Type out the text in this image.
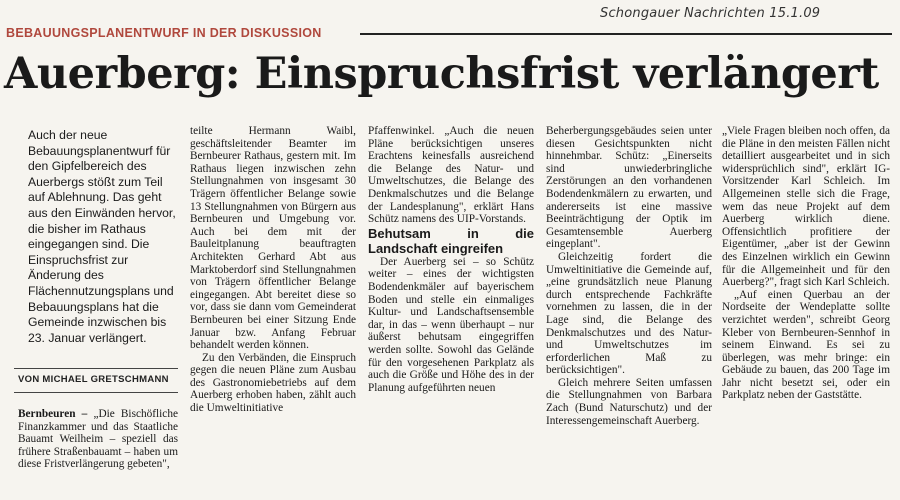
Schongauer Nachrichten 15.1.09
BEBAUUNGSPLANENTWURF IN DER DISKUSSION
Auerberg: Einspruchsfrist verlängert
Auch der neue Bebauungsplanentwurf für den Gipfelbereich des Auerbergs stößt zum Teil auf Ablehnung. Das geht aus den Einwänden hervor, die bisher im Rathaus eingegangen sind. Die Einspruchsfrist zur Änderung des Flächennutzungsplans und Bebauungsplans hat die Gemeinde inzwischen bis 23. Januar verlängert.
VON MICHAEL GRETSCHMANN

Bernbeuren – „Die Bischöfliche Finanzkammer und das Staatliche Bauamt Weilheim – speziell das frühere Straßenbauamt – haben um diese Fristverlängerung gebeten",

teilte Hermann Waibl, geschäftsleitender Beamter im Bernbeurer Rathaus, gestern mit. Im Rathaus liegen inzwischen zehn Stellungnahmen von insgesamt 30 Trägern öffentlicher Belange sowie 13 Stellungnahmen von Bürgern aus Bernbeuren und Umgebung vor. Auch bei dem mit der Bauleitplanung beauftragten Architekten Gerhard Abt aus Marktoberdorf sind Stellungnahmen von Trägern öffentlicher Belange eingegangen. Abt bereitet diese so vor, dass sie dann vom Gemeinderat Bernbeuren bei einer Sitzung Ende Januar bzw. Anfang Februar behandelt werden können.

Zu den Verbänden, die Einspruch gegen die neuen Pläne zum Ausbau des Gastronomiebetriebs auf dem Auerberg erhoben haben, zählt auch die Umweltinitiative

Pfaffenwinkel. „Auch die neuen Pläne berücksichtigen unseres Erachtens keinesfalls ausreichend die Belange des Natur- und Umweltschutzes, die Belange des Denkmalschutzes und die Belange der Landesplanung", erklärt Hans Schütz namens des UIP-Vorstands.

Behutsam in die Landschaft eingreifen

Der Auerberg sei – so Schütz weiter – eines der wichtigsten Bodendenkmäler auf bayerischem Boden und stelle ein einmaliges Kultur- und Landschaftsensemble dar, in das – wenn überhaupt – nur äußerst behutsam eingegriffen werden sollte. Sowohl das Gelände für den vorgesehenen Parkplatz als auch die Größe und Höhe des in der Planung aufgeführten neuen

Beherbergungsgebäudes seien unter diesen Gesichtspunkten nicht hinnehmbar. Schütz: „Einerseits sind unwiederbringliche Zerstörungen an den vorhandenen Bodendenkmälern zu erwarten, und andererseits ist eine massive Beeinträchtigung der Optik im Gesamtensemble Auerberg eingeplant".

Gleichzeitig fordert die Umweltinitiative die Gemeinde auf, „eine grundsätzlich neue Planung durch entsprechende Fachkräfte vornehmen zu lassen, die in der Lage sind, die Belange des Denkmalschutzes und des Natur- und Umweltschutzes im erforderlichen Maß zu berücksichtigen".

Gleich mehrere Seiten umfassen die Stellungnahmen von Barbara Zach (Bund Naturschutz) und der Interessengemeinschaft Auerberg.

„Viele Fragen bleiben noch offen, da die Pläne in den meisten Fällen nicht detailliert ausgearbeitet und in sich widersprüchlich sind", erklärt IG-Vorsitzender Karl Schleich. Im Allgemeinen stelle sich die Frage, wem das neue Projekt auf dem Auerberg wirklich diene. Offensichtlich profitiere der Eigentümer, „aber ist der Gewinn des Einzelnen wirklich ein Gewinn für die Allgemeinheit und für den Auerberg?", fragt sich Karl Schleich.

„Auf einen Querbau an der Nordseite der Wendeplatte sollte verzichtet werden", schreibt Georg Kleber von Bernbeuren-Sennhof in seinem Einwand. Es sei zu überlegen, was mehr bringe: ein Gebäude zu bauen, das 200 Tage im Jahr nicht besetzt sei, oder ein Parkplatz neben der Gaststätte.
